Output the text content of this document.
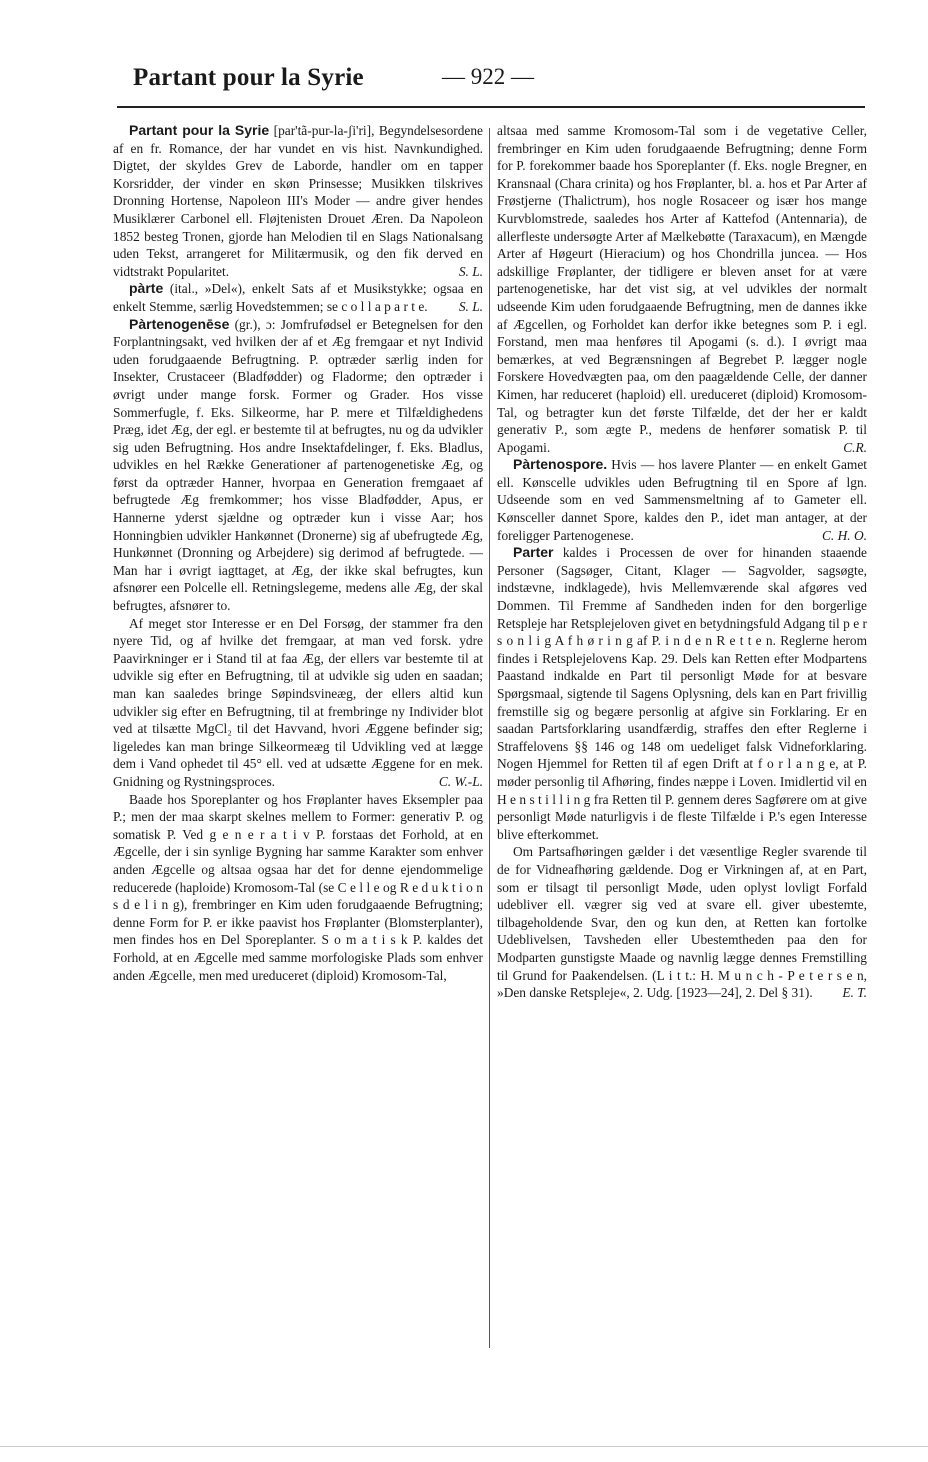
Partant pour la Syrie	— 922 —

Partant pour la Syrie [par'tã-pur-la-ʃi'ri], Begyndelsesordene af en fr. Romance, der har vundet en vis hist. Navnkundighed. Digtet, der skyldes Grev de Laborde, handler om en tapper Korsridder, der vinder en skøn Prinsesse; Musikken tilskrives Dronning Hortense, Napoleon III's Moder — andre giver hendes Musiklærer Carbonel ell. Fløjtenisten Drouet Æren. Da Napoleon 1852 besteg Tronen, gjorde han Melodien til en Slags Nationalsang uden Tekst, arrangeret for Militærmusik, og den fik derved en vidtstrakt Popularitet.	S. L.

pàrte (ital., »Del«), enkelt Sats af et Musikstykke; ogsaa en enkelt Stemme, særlig Hovedstemmen; se c o l l a p a r t e.	S. L.

Pàrtenogenēse (gr.), ɔ: Jomfrufødsel er Betegnelsen for den Forplantningsakt, ved hvilken der af et Æg fremgaar et nyt Individ uden forudgaaende Befrugtning. P. optræder særlig inden for Insekter, Crustaceer (Bladfødder) og Fladorme; den optræder i øvrigt under mange forsk. Former og Grader. Hos visse Sommerfugle, f. Eks. Silkeorme, har P. mere et Tilfældighedens Præg, idet Æg, der egl. er bestemte til at befrugtes, nu og da udvikler sig uden Befrugtning. Hos andre Insektafdelinger, f. Eks. Bladlus, udvikles en hel Række Generationer af partenogenetiske Æg, og først da optræder Hanner, hvorpaa en Generation fremgaaet af befrugtede Æg fremkommer; hos visse Bladfødder, Apus, er Hannerne yderst sjældne og optræder kun i visse Aar; hos Honningbien udvikler Hankønnet (Dronerne) sig af ubefrugtede Æg, Hunkønnet (Dronning og Arbejdere) sig derimod af befrugtede. — Man har i øvrigt iagttaget, at Æg, der ikke skal befrugtes, kun afsnører een Polcelle ell. Retningslegeme, medens alle Æg, der skal befrugtes, afsnører to.

Af meget stor Interesse er en Del Forsøg, der stammer fra den nyere Tid, og af hvilke det fremgaar, at man ved forsk. ydre Paavirkninger er i Stand til at faa Æg, der ellers var bestemte til at udvikle sig efter en Befrugtning, til at udvikle sig uden en saadan; man kan saaledes bringe Søpindsvineæg, der ellers altid kun udvikler sig efter en Befrugtning, til at frembringe ny Individer blot ved at tilsætte MgCl₂ til det Havvand, hvori Æggene befinder sig; ligeledes kan man bringe Silkeormeæg til Udvikling ved at lægge dem i Vand ophedet til 45° ell. ved at udsætte Æggene for en mek. Gnidning og Rystningsproces.	C. W.-L.

Baade hos Sporeplanter og hos Frøplanter haves Eksempler paa P.; men der maa skarpt skelnes mellem to Former: generativ P. og somatisk P. Ved g e n e r a t i v P. forstaas det Forhold, at en Ægcelle, der i sin synlige Bygning har samme Karakter som enhver anden Ægcelle og altsaa ogsaa har det for denne ejendommelige reducerede (haploide) Kromosom-Tal (se C e l l e og R e d u k t i o n s d e l i n g), frembringer en Kim uden forudgaaende Befrugtning; denne Form for P. er ikke paavist hos Frøplanter (Blomsterplanter), men findes hos en Del Sporeplanter. S o m a t i s k P. kaldes det Forhold, at en Ægcelle med samme morfologiske Plads som enhver anden Ægcelle, men med ureduceret (diploid) Kromosom-Tal,

altsaa med samme Kromosom-Tal som i de vegetative Celler, frembringer en Kim uden forudgaaende Befrugtning; denne Form for P. forekommer baade hos Sporeplanter (f. Eks. nogle Bregner, en Kransnaal (Chara crinita) og hos Frøplanter, bl. a. hos et Par Arter af Frøstjerne (Thalictrum), hos nogle Rosaceer og især hos mange Kurvblomstrede, saaledes hos Arter af Kattefod (Antennaria), de allerfleste undersøgte Arter af Mælkebøtte (Taraxacum), en Mængde Arter af Høgeurt (Hieracium) og hos Chondrilla juncea. — Hos adskillige Frøplanter, der tidligere er bleven anset for at være partenogenetiske, har det vist sig, at vel udvikles der normalt udseende Kim uden forudgaaende Befrugtning, men de dannes ikke af Ægcellen, og Forholdet kan derfor ikke betegnes som P. i egl. Forstand, men maa henføres til Apogami (s. d.). I øvrigt maa bemærkes, at ved Begrænsningen af Begrebet P. lægger nogle Forskere Hovedvægten paa, om den paagældende Celle, der danner Kimen, har reduceret (haploid) ell. ureduceret (diploid) Kromosom-Tal, og betragter kun det første Tilfælde, det der her er kaldt generativ P., som ægte P., medens de henfører somatisk P. til Apogami.	C.R.

Pàrtenospore. Hvis — hos lavere Planter — en enkelt Gamet ell. Kønscelle udvikles uden Befrugtning til en Spore af lgn. Udseende som en ved Sammensmeltning af to Gameter ell. Kønsceller dannet Spore, kaldes den P., idet man antager, at der foreligger Partenogenese.	C. H. O.

Parter kaldes i Processen de over for hinanden staaende Personer (Sagsøger, Citant, Klager — Sagvolder, sagsøgte, indstævne, indklagede), hvis Mellemværende skal afgøres ved Dommen. Til Fremme af Sandheden inden for den borgerlige Retspleje har Retsplejeloven givet en betydningsfuld Adgang til p e r s o n l i g A f h ø r i n g af P. i n d e n R e t t e n. Reglerne herom findes i Retsplejelovens Kap. 29. Dels kan Retten efter Modpartens Paastand indkalde en Part til personligt Møde for at besvare Spørgsmaal, sigtende til Sagens Oplysning, dels kan en Part frivillig fremstille sig og begære personlig at afgive sin Forklaring. Er en saadan Partsforklaring usandfærdig, straffes den efter Reglerne i Straffelovens §§ 146 og 148 om uedeliget falsk Vidneforklaring. Nogen Hjemmel for Retten til af egen Drift at f o r l a n g e, at P. møder personlig til Afhøring, findes næppe i Loven. Imidlertid vil en H e n s t i l l i n g fra Retten til P. gennem deres Sagførere om at give personligt Møde naturligvis i de fleste Tilfælde i P.'s egen Interesse blive efterkommet.

Om Partsafhøringen gælder i det væsentlige Regler svarende til de for Vidneafhøring gældende. Dog er Virkningen af, at en Part, som er tilsagt til personligt Møde, uden oplyst lovligt Forfald udebliver ell. vægrer sig ved at svare ell. giver ubestemte, tilbageholdende Svar, den og kun den, at Retten kan fortolke Udeblivelsen, Tavsheden eller Ubestemtheden paa den for Modparten gunstigste Maade og navnlig lægge dennes Fremstilling til Grund for Paakendelsen. (L i t t.: H. M u n c h - P e t e r s e n, »Den danske Retspleje«, 2. Udg. [1923—24], 2. Del § 31).	E. T.
